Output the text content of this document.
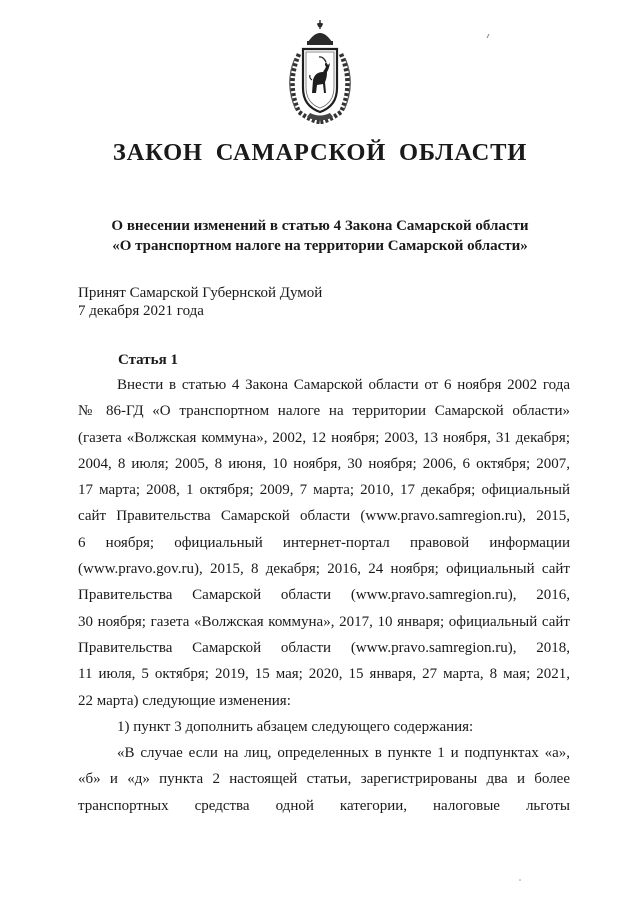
ЗАКОН САМАРСКОЙ ОБЛАСТИ
О внесении изменений в статью 4 Закона Самарской области
«О транспортном налоге на территории Самарской области»
Принят Самарской Губернской Думой
7 декабря 2021 года
Статья 1
Внести в статью 4 Закона Самарской области от 6 ноября 2002 года
№ 86-ГД «О транспортном налоге на территории Самарской области»
(газета «Волжская коммуна», 2002, 12 ноября; 2003, 13 ноября, 31 декабря;
2004, 8 июля; 2005, 8 июня, 10 ноября, 30 ноября; 2006, 6 октября; 2007,
17 марта; 2008, 1 октября; 2009, 7 марта; 2010, 17 декабря; официальный
сайт Правительства Самарской области (www.pravo.samregion.ru), 2015,
6 ноября; официальный интернет-портал правовой информации
(www.pravo.gov.ru), 2015, 8 декабря; 2016, 24 ноября; официальный сайт
Правительства Самарской области (www.pravo.samregion.ru), 2016,
30 ноября; газета «Волжская коммуна», 2017, 10 января; официальный сайт
Правительства Самарской области (www.pravo.samregion.ru), 2018,
11 июля, 5 октября; 2019, 15 мая; 2020, 15 января, 27 марта, 8 мая; 2021,
22 марта) следующие изменения:
1) пункт 3 дополнить абзацем следующего содержания:
«В случае если на лиц, определенных в пункте 1 и подпунктах «а»,
«б» и «д» пункта 2 настоящей статьи, зарегистрированы два и более
транспортных средства одной категории, налоговые льготы
